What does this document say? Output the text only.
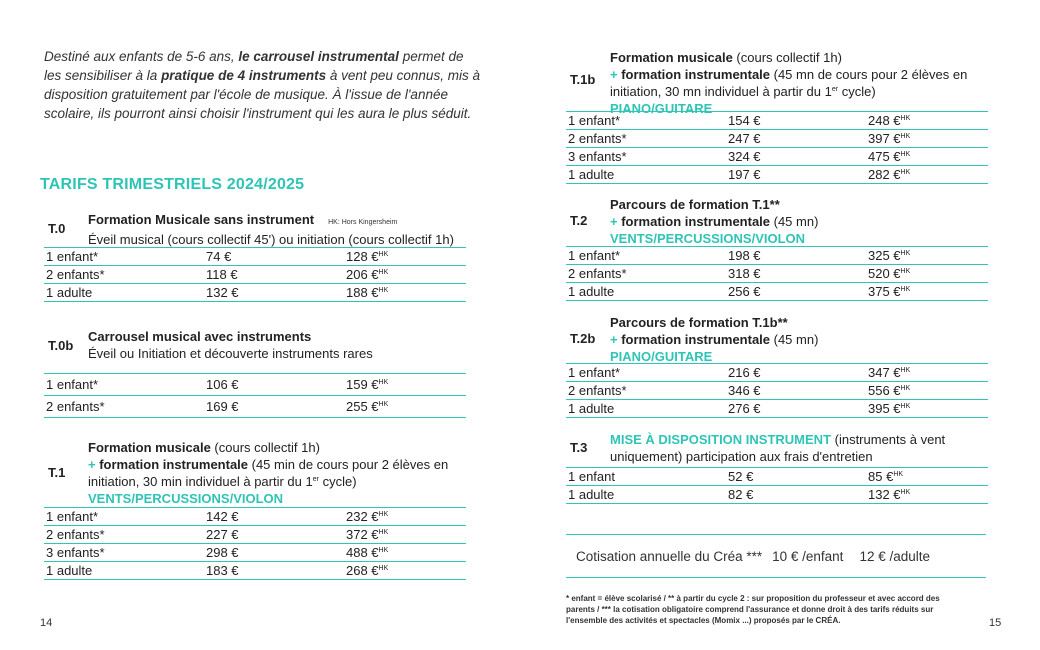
Destiné aux enfants de 5-6 ans, le carrousel instrumental permet de les sensibiliser à la pratique de 4 instruments à vent peu connus, mis à disposition gratuitement par l'école de musique. À l'issue de l'année scolaire, ils pourront ainsi choisir l'instrument qui les aura le plus séduit.
TARIFS TRIMESTRIELS 2024/2025
T.0
Formation Musicale sans instrument HK: Hors Kingersheim
Éveil musical (cours collectif 45') ou initiation (cours collectif 1h)
1 enfant*	74 €	128 €$^{HK}$
2 enfants*	118 €	206 €$^{HK}$
1 adulte	132 €	188 €$^{HK}$
T.0b
Carrousel musical avec instruments
Éveil ou Initiation et découverte instruments rares
1 enfant*	106 €	159 €$^{HK}$
2 enfants*	169 €	255 €$^{HK}$
T.1
Formation musicale (cours collectif 1h)
+ formation instrumentale (45 min de cours pour 2 élèves en initiation, 30 min individuel à partir du 1er cycle)
VENTS/PERCUSSIONS/VIOLON
1 enfant*	142 €	232 €$^{HK}$
2 enfants*	227 €	372 €$^{HK}$
3 enfants*	298 €	488 €$^{HK}$
1 adulte	183 €	268 €$^{HK}$
T.1b
Formation musicale (cours collectif 1h)
+ formation instrumentale (45 mn de cours pour 2 élèves en initiation, 30 mn individuel à partir du 1er cycle)
PIANO/GUITARE
1 enfant*	154 €	248 €$^{HK}$
2 enfants*	247 €	397 €$^{HK}$
3 enfants*	324 €	475 €$^{HK}$
1 adulte	197 €	282 €$^{HK}$
T.2
Parcours de formation T.1**
+ formation instrumentale (45 mn)
VENTS/PERCUSSIONS/VIOLON
1 enfant*	198 €	325 €$^{HK}$
2 enfants*	318 €	520 €$^{HK}$
1 adulte	256 €	375 €$^{HK}$
T.2b
Parcours de formation T.1b**
+ formation instrumentale (45 mn)
PIANO/GUITARE
1 enfant*	216 €	347 €$^{HK}$
2 enfants*	346 €	556 €$^{HK}$
1 adulte	276 €	395 €$^{HK}$
T.3
MISE À DISPOSITION INSTRUMENT (instruments à vent uniquement) participation aux frais d'entretien
1 enfant	52 €	85 €$^{HK}$
1 adulte	82 €	132 €$^{HK}$
Cotisation annuelle du Créa *** 10 € /enfant 12 € /adulte
* enfant = élève scolarisé / ** à partir du cycle 2 : sur proposition du professeur et avec accord des parents / *** la cotisation obligatoire comprend l'assurance et donne droit à des tarifs réduits sur l'ensemble des activités et spectacles (Momix ...) proposés par le CRÉA.
14	15
